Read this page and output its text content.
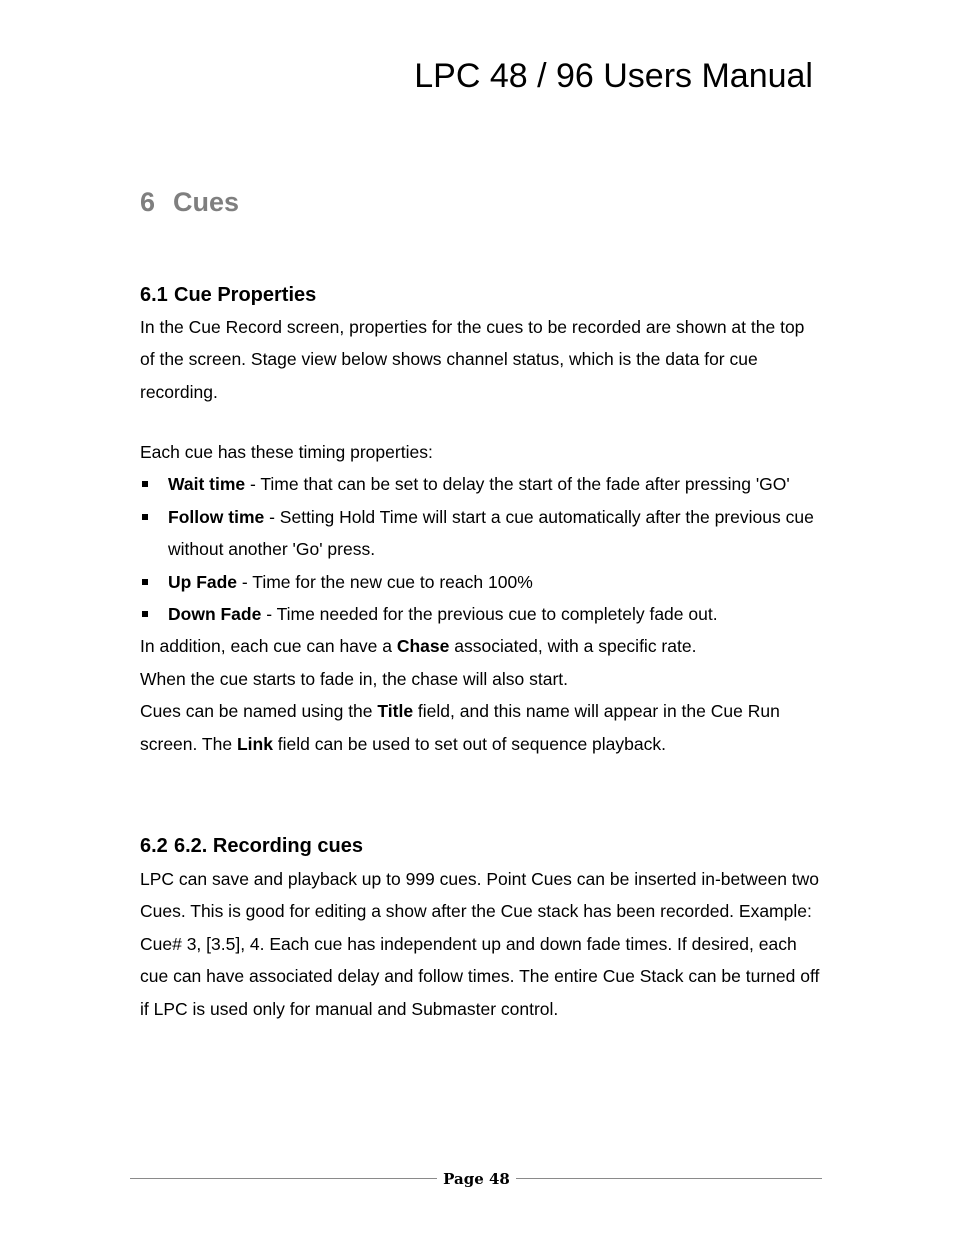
LPC 48 / 96 Users Manual
6 Cues
6.1 Cue Properties

In the Cue Record screen, properties for the cues to be recorded are shown at the top of the screen. Stage view below shows channel status, which is the data for cue recording.

Each cue has these timing properties:

Wait time - Time that can be set to delay the start of the fade after pressing 'GO'
Follow time - Setting Hold Time will start a cue automatically after the previous cue without another 'Go' press.
Up Fade - Time for the new cue to reach 100%
Down Fade - Time needed for the previous cue to completely fade out.

In addition, each cue can have a Chase associated, with a specific rate.

When the cue starts to fade in, the chase will also start.

Cues can be named using the Title field, and this name will appear in the Cue Run screen. The Link field can be used to set out of sequence playback.

6.2 6.2. Recording cues

LPC can save and playback up to 999 cues. Point Cues can be inserted in-between two Cues. This is good for editing a show after the Cue stack has been recorded. Example: Cue# 3, [3.5], 4. Each cue has independent up and down fade times. If desired, each cue can have associated delay and follow times. The entire Cue Stack can be turned off if LPC is used only for manual and Submaster control.

Page 48
